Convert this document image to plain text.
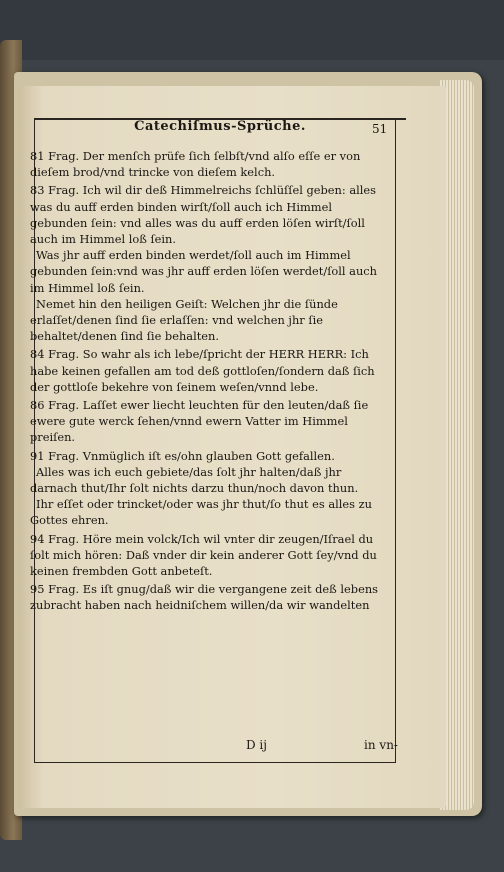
Catechiſmus-Sprüche.	51

81 Frag. Der menſch prüfe ſich ſelbſt/vnd alſo eſſe er von dieſem brod/vnd trincke von dieſem kelch.

83 Frag. Ich wil dir deß Himmelreichs ſchlüſſel geben: alles was du auff erden binden wirſt/ſoll auch ich Himmel gebunden ſein: vnd alles was du auff erden löſen wirſt/ſoll auch im Himmel loß ſein.

Was jhr auff erden binden werdet/ſoll auch im Himmel gebunden ſein:vnd was jhr auff erden löſen werdet/ſoll auch im Himmel loß ſein.

Nemet hin den heiligen Geiſt: Welchen jhr die ſünde erlaſſet/denen ſind ſie erlaſſen: vnd welchen jhr ſie behaltet/denen ſind ſie behalten.

84 Frag. So wahr als ich lebe/ſpricht der HERR HERR: Ich habe keinen gefallen am tod deß gottloſen/ſondern daß ſich der gottloſe bekehre von ſeinem weſen/vnnd lebe.

86 Frag. Laſſet ewer liecht leuchten für den leuten/daß ſie ewere gute werck ſehen/vnnd ewern Vatter im Himmel preiſen.

91 Frag. Vnmüglich iſt es/ohn glauben Gott gefallen.

Alles was ich euch gebiete/das ſolt jhr halten/daß jhr darnach thut/Ihr ſolt nichts darzu thun/noch davon thun.

Ihr eſſet oder trincket/oder was jhr thut/ſo thut es alles zu Gottes ehren.

94 Frag. Höre mein volck/Ich wil vnter dir zeugen/Iſrael du ſolt mich hören: Daß vnder dir kein anderer Gott ſey/vnd du keinen frembden Gott anbeteſt.

95 Frag. Es iſt gnug/daß wir die vergangene zeit deß lebens zubracht haben nach heidniſchem willen/da wir wandelten

D ij	in vn-
